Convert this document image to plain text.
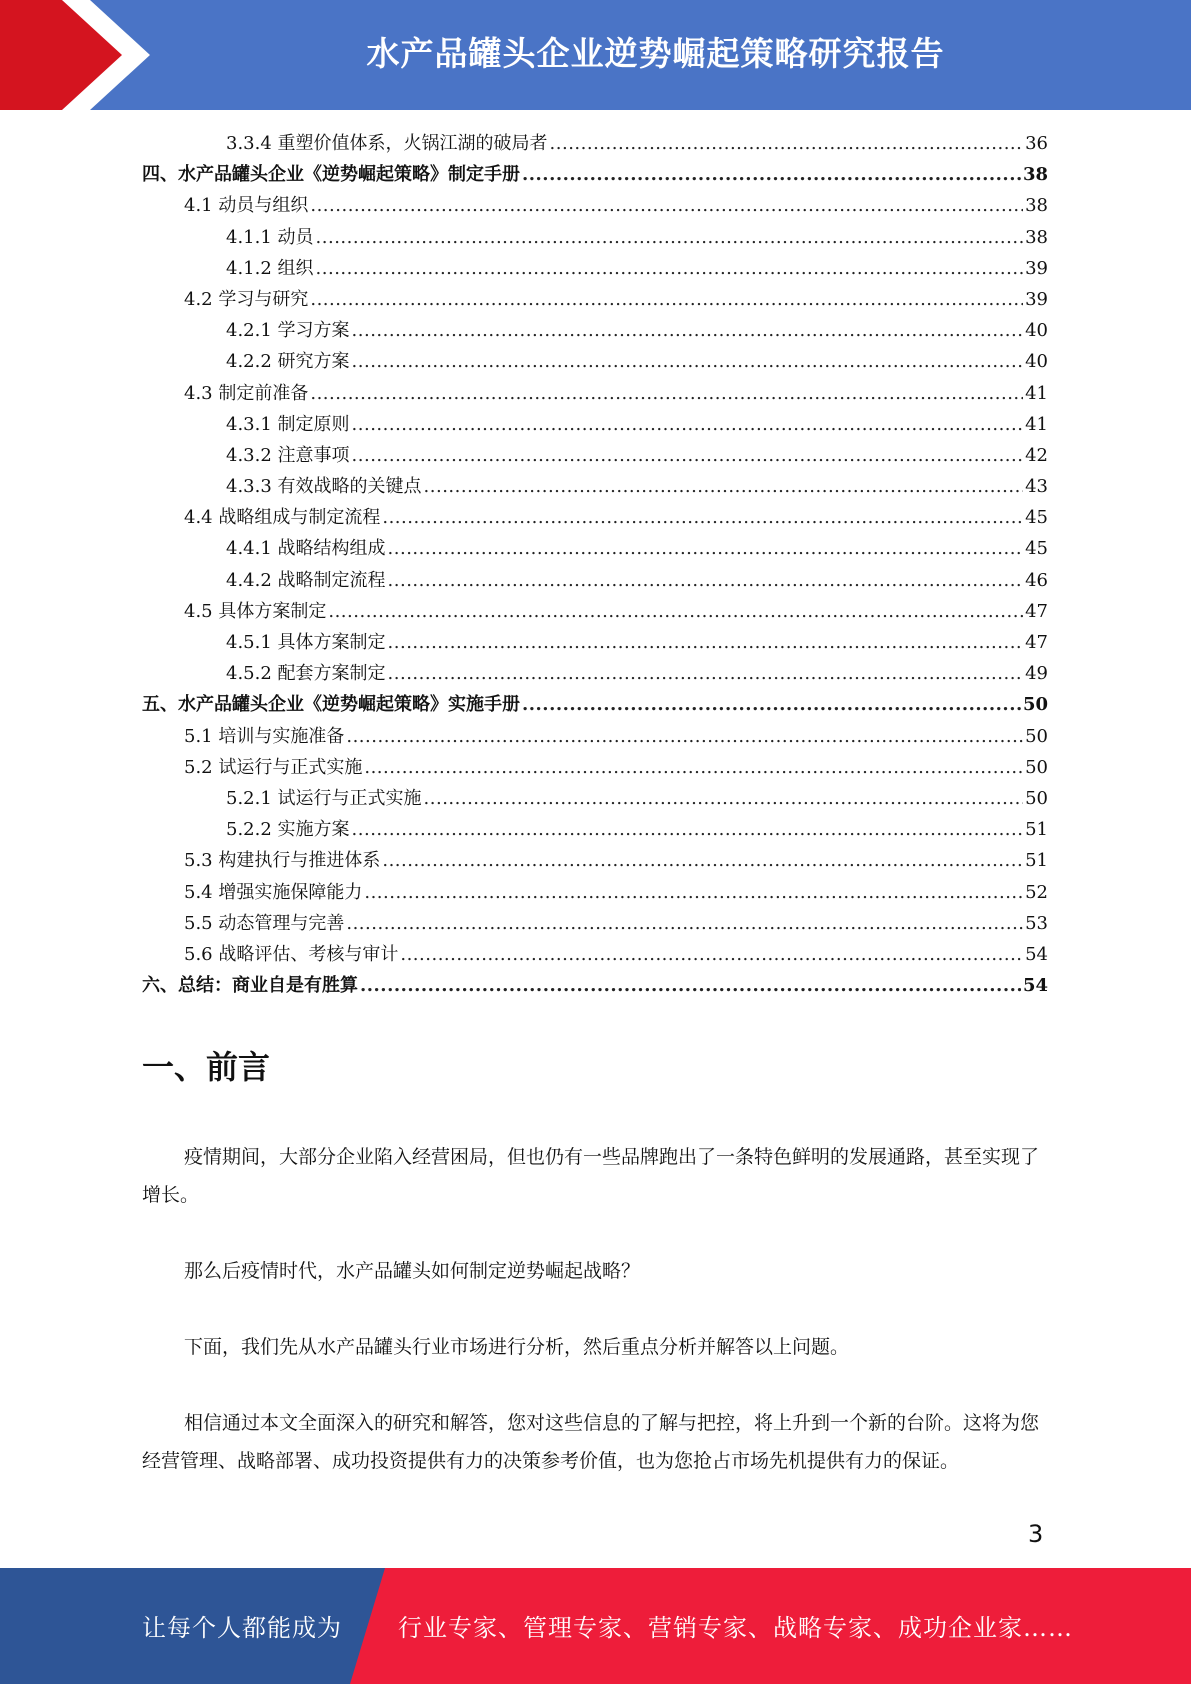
水产品罐头企业逆势崛起策略研究报告
3.3.4 重塑价值体系，火锅江湖的破局者 .....	36
四、水产品罐头企业《逆势崛起策略》制定手册 .....	38
4.1 动员与组织 .....	38
4.1.1 动员 .....	38
4.1.2 组织 .....	39
4.2 学习与研究 .....	39
4.2.1 学习方案 .....	40
4.2.2 研究方案 .....	40
4.3 制定前准备 .....	41
4.3.1 制定原则 .....	41
4.3.2 注意事项 .....	42
4.3.3 有效战略的关键点 .....	43
4.4 战略组成与制定流程 .....	45
4.4.1 战略结构组成 .....	45
4.4.2 战略制定流程 .....	46
4.5 具体方案制定 .....	47
4.5.1 具体方案制定 .....	47
4.5.2 配套方案制定 .....	49
五、水产品罐头企业《逆势崛起策略》实施手册 .....	50
5.1 培训与实施准备 .....	50
5.2 试运行与正式实施 .....	50
5.2.1 试运行与正式实施 .....	50
5.2.2 实施方案 .....	51
5.3 构建执行与推进体系 .....	51
5.4 增强实施保障能力 .....	52
5.5 动态管理与完善 .....	53
5.6 战略评估、考核与审计 .....	54
六、总结：商业自是有胜算 .....	54
一、前言

疫情期间，大部分企业陷入经营困局，但也仍有一些品牌跑出了一条特色鲜明的发展通路，甚至实现了增长。

那么后疫情时代，水产品罐头如何制定逆势崛起战略？

下面，我们先从水产品罐头行业市场进行分析，然后重点分析并解答以上问题。

相信通过本文全面深入的研究和解答，您对这些信息的了解与把控，将上升到一个新的台阶。这将为您经营管理、战略部署、成功投资提供有力的决策参考价值，也为您抢占市场先机提供有力的保证。

3
让每个人都能成为 行业专家、管理专家、营销专家、战略专家、成功企业家……
